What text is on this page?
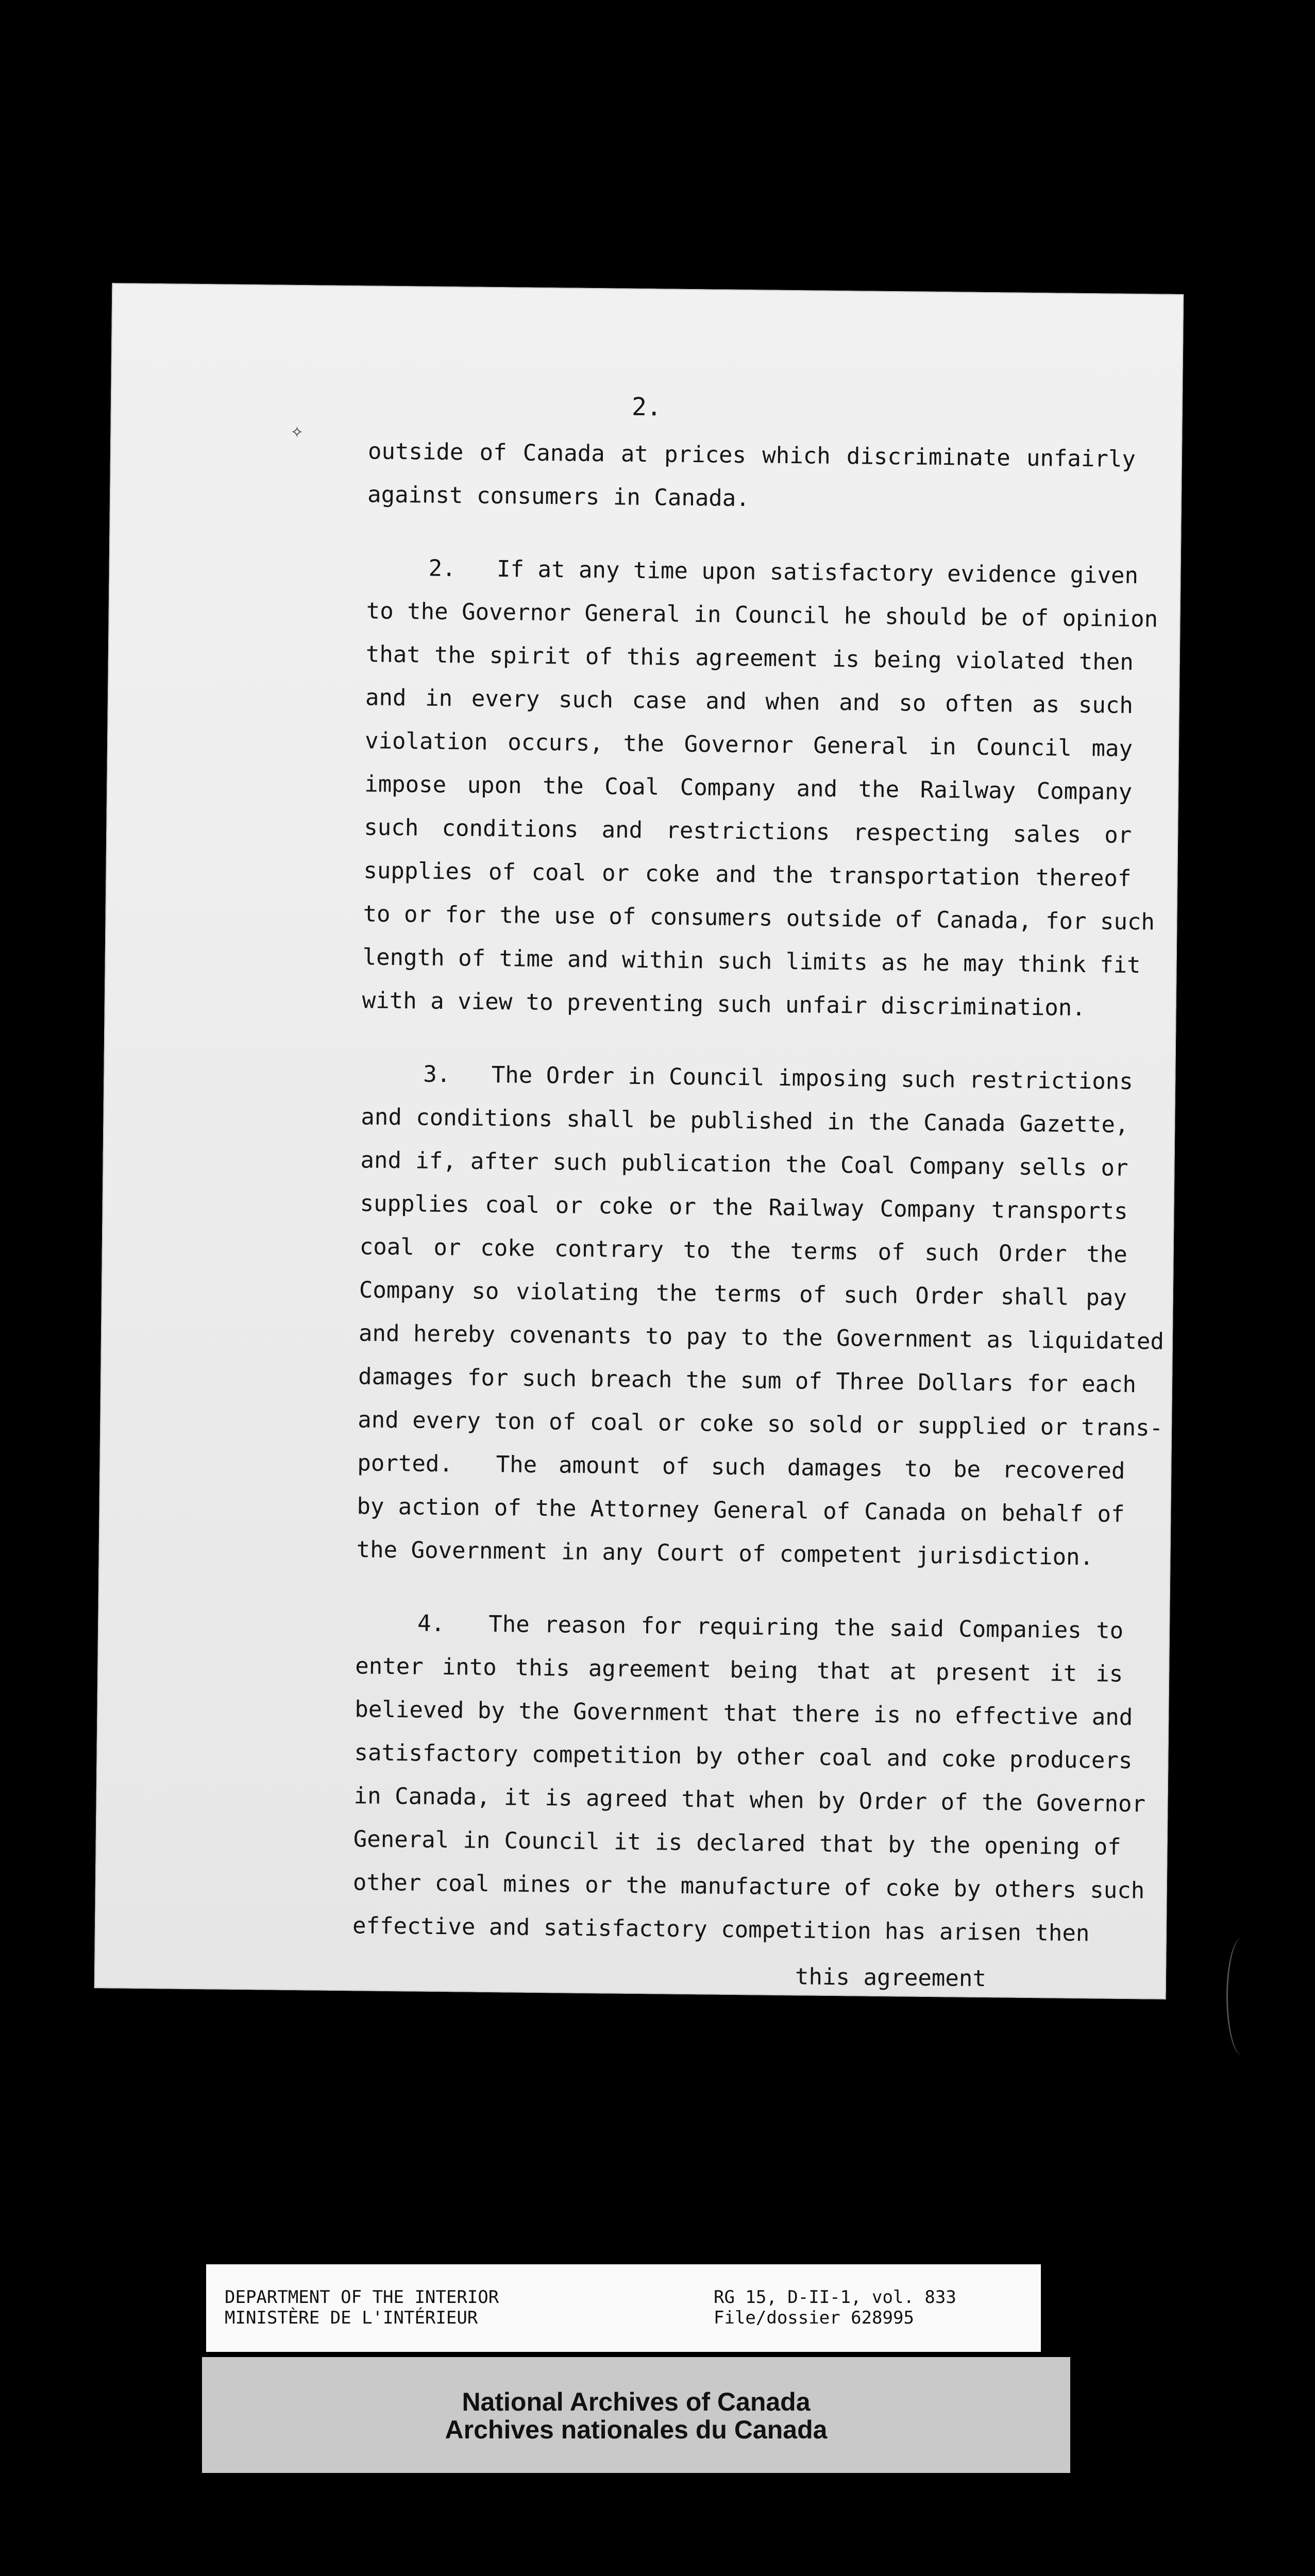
✧
2.
outside of Canada at prices which discriminate unfairly
against consumers in Canada.
2.   If at any time upon satisfactory evidence given
to the Governor General in Council he should be of opinion
that the spirit of this agreement is being violated then
and in every such case and when and so often as such
violation occurs, the Governor General in Council may
impose upon the Coal Company and the Railway Company
such conditions and restrictions respecting sales or
supplies of coal or coke and the transportation thereof
to or for the use of consumers outside of Canada, for such
length of time and within such limits as he may think fit
with a view to preventing such unfair discrimination.
3.   The Order in Council imposing such restrictions
and conditions shall be published in the Canada Gazette,
and if, after such publication the Coal Company sells or
supplies coal or coke or the Railway Company transports
coal or coke contrary to the terms of such Order the
Company so violating the terms of such Order shall pay
and hereby covenants to pay to the Government as liquidated
damages for such breach the sum of Three Dollars for each
and every ton of coal or coke so sold or supplied or trans-
ported.  The amount of such damages to be recovered
by action of the Attorney General of Canada on behalf of
the Government in any Court of competent jurisdiction.
4.   The reason for requiring the said Companies to
enter into this agreement being that at present it is
believed by the Government that there is no effective and
satisfactory competition by other coal and coke producers
in Canada, it is agreed that when by Order of the Governor
General in Council it is declared that by the opening of
other coal mines or the manufacture of coke by others such
effective and satisfactory competition has arisen then
this agreement
DEPARTMENT OF THE INTERIOR
MINISTÈRE DE L'INTÉRIEUR
RG 15, D-II-1, vol. 833
File/dossier 628995
National Archives of Canada
Archives nationales du Canada
